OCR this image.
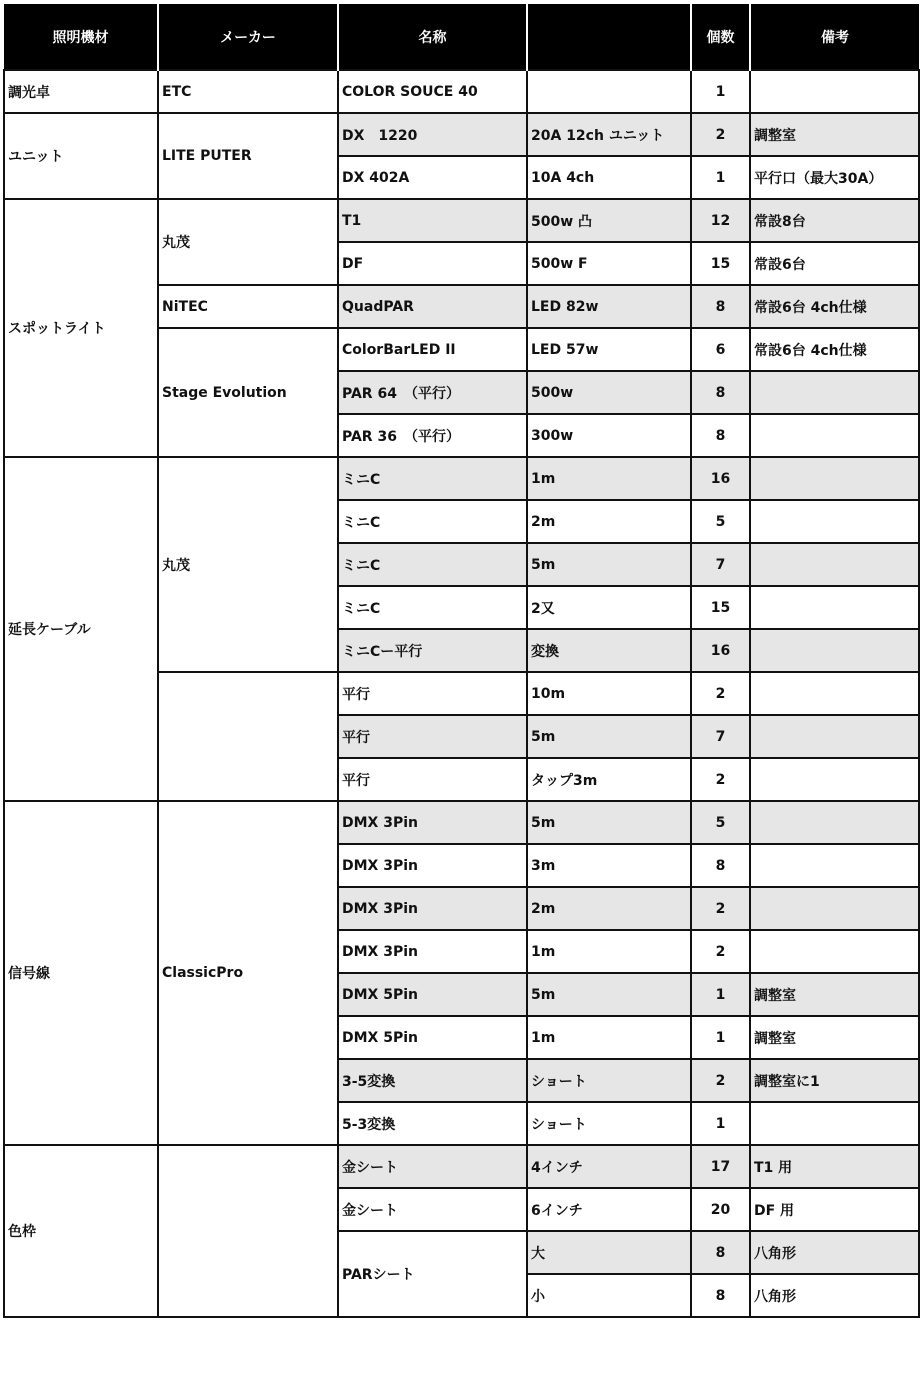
照明機材	メーカー	名称		個数	備考
調光卓	ETC	COLOR SOUCE 40		1	
ユニット	LITE PUTER	DX　1220	20A 12ch ユニット	2	調整室
		DX 402A	10A 4ch	1	平行口（最大30A）
スポットライト	丸茂	T1	500w 凸	12	常設8台
		DF	500w F	15	常設6台
	NiTEC	QuadPAR	LED 82w	8	常設6台 4ch仕様
	Stage Evolution	ColorBarLED II	LED 57w	6	常設6台 4ch仕様
		PAR 64　（平行）	500w	8	
		PAR 36　（平行）	300w	8	
延長ケーブル	丸茂	ミニC	1m	16	
		ミニC	2m	5	
		ミニC	5m	7	
		ミニC	2又	15	
		ミニCー平行	変換	16	
		平行	10m	2	
		平行	5m	7	
		平行	タップ3m	2	
信号線	ClassicPro	DMX 3Pin	5m	5	
		DMX 3Pin	3m	8	
		DMX 3Pin	2m	2	
		DMX 3Pin	1m	2	
		DMX 5Pin	5m	1	調整室
		DMX 5Pin	1m	1	調整室
		3-5変換	ショート	2	調整室に1
		5-3変換	ショート	1	
色枠		金シート	4インチ	17	T1 用
		金シート	6インチ	20	DF 用
		PARシート	大	8	八角形
			小	8	八角形
